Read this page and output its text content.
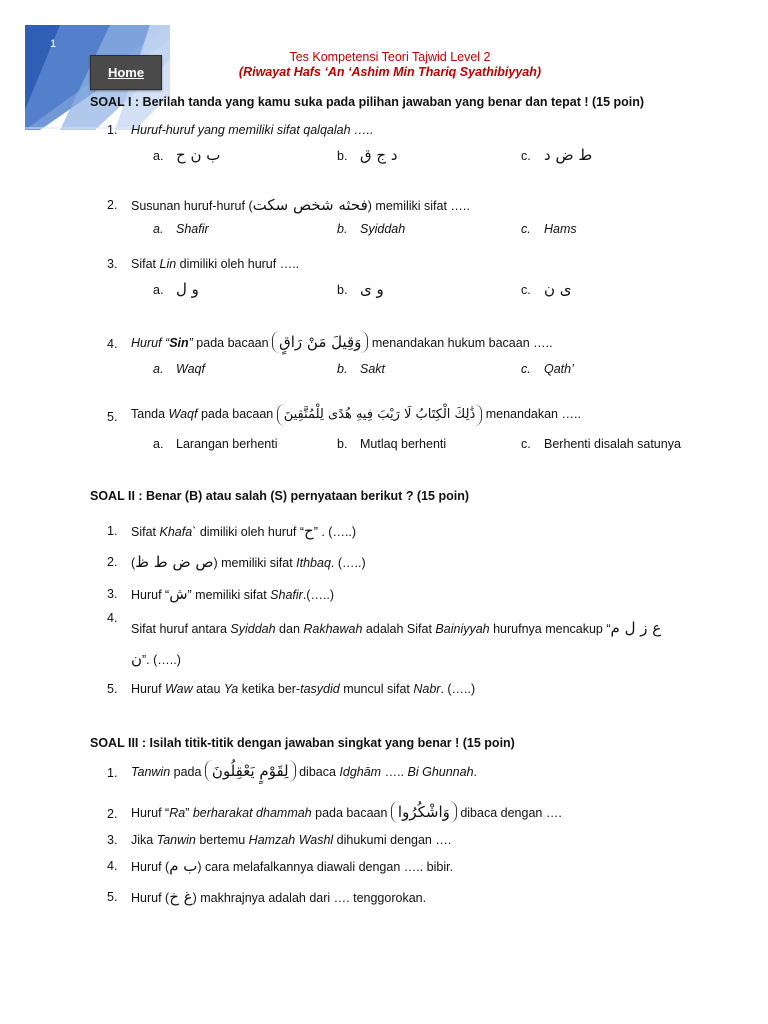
1
Home
Tes Kompetensi Teori Tajwid Level 2
(Riwayat Hafs ‘An ‘Ashim Min Thariq Syathibiyyah)
SOAL I : Berilah tanda yang kamu suka pada pilihan jawaban yang benar dan tepat ! (15 poin)
1. Huruf-huruf yang memiliki sifat qalqalah …..
a. ب ن ح	b. د ج ق	c. ط ض د
2. Susunan huruf-huruf (فحثه شخص سكت) memiliki sifat …..
a. Shafir	b. Syiddah	c. Hams
3. Sifat Lin dimiliki oleh huruf …..
a. و ل	b. و ى	c. ى ن
4. Huruf “Sin” pada bacaan وَقِيلَ مَنْ رَاقٍ menandakan hukum bacaan …..
a. Waqf	b. Sakt	c. Qath’
5. Tanda Waqf pada bacaan ذَٰلِكَ الْكِتَابُ لَا رَيْبَ فِيهِ هُدًى لِلْمُتَّقِينَ menandakan …..
a. Larangan berhenti	b. Mutlaq berhenti	c. Berhenti disalah satunya
SOAL II : Benar (B) atau salah (S) pernyataan berikut ? (15 poin)
1. Sifat Khafa` dimiliki oleh huruf “ح” . (…..)
2. (ص ض ط ظ) memiliki sifat Ithbaq. (…..)
3. Huruf “ش” memiliki sifat Shafir.(…..)
4.
Sifat huruf antara Syiddah dan Rakhawah adalah Sifat Bainiyyah hurufnya mencakup “ع ز ل م
ن”. (…..)
5. Huruf Waw atau Ya ketika ber-tasydid muncul sifat Nabr. (…..)
SOAL III : Isilah titik-titik dengan jawaban singkat yang benar ! (15 poin)
1. Tanwin pada لِقَوْمٍ يَعْقِلُونَ dibaca Idghām ….. Bi Ghunnah.
2. Huruf “Ra” berharakat dhammah pada bacaan وَاشْكُرُوا dibaca dengan ….
3. Jika Tanwin bertemu Hamzah Washl dihukumi dengan ….
4. Huruf (ب م) cara melafalkannya diawali dengan ….. bibir.
5. Huruf (غ خ) makhrajnya adalah dari …. tenggorokan.
